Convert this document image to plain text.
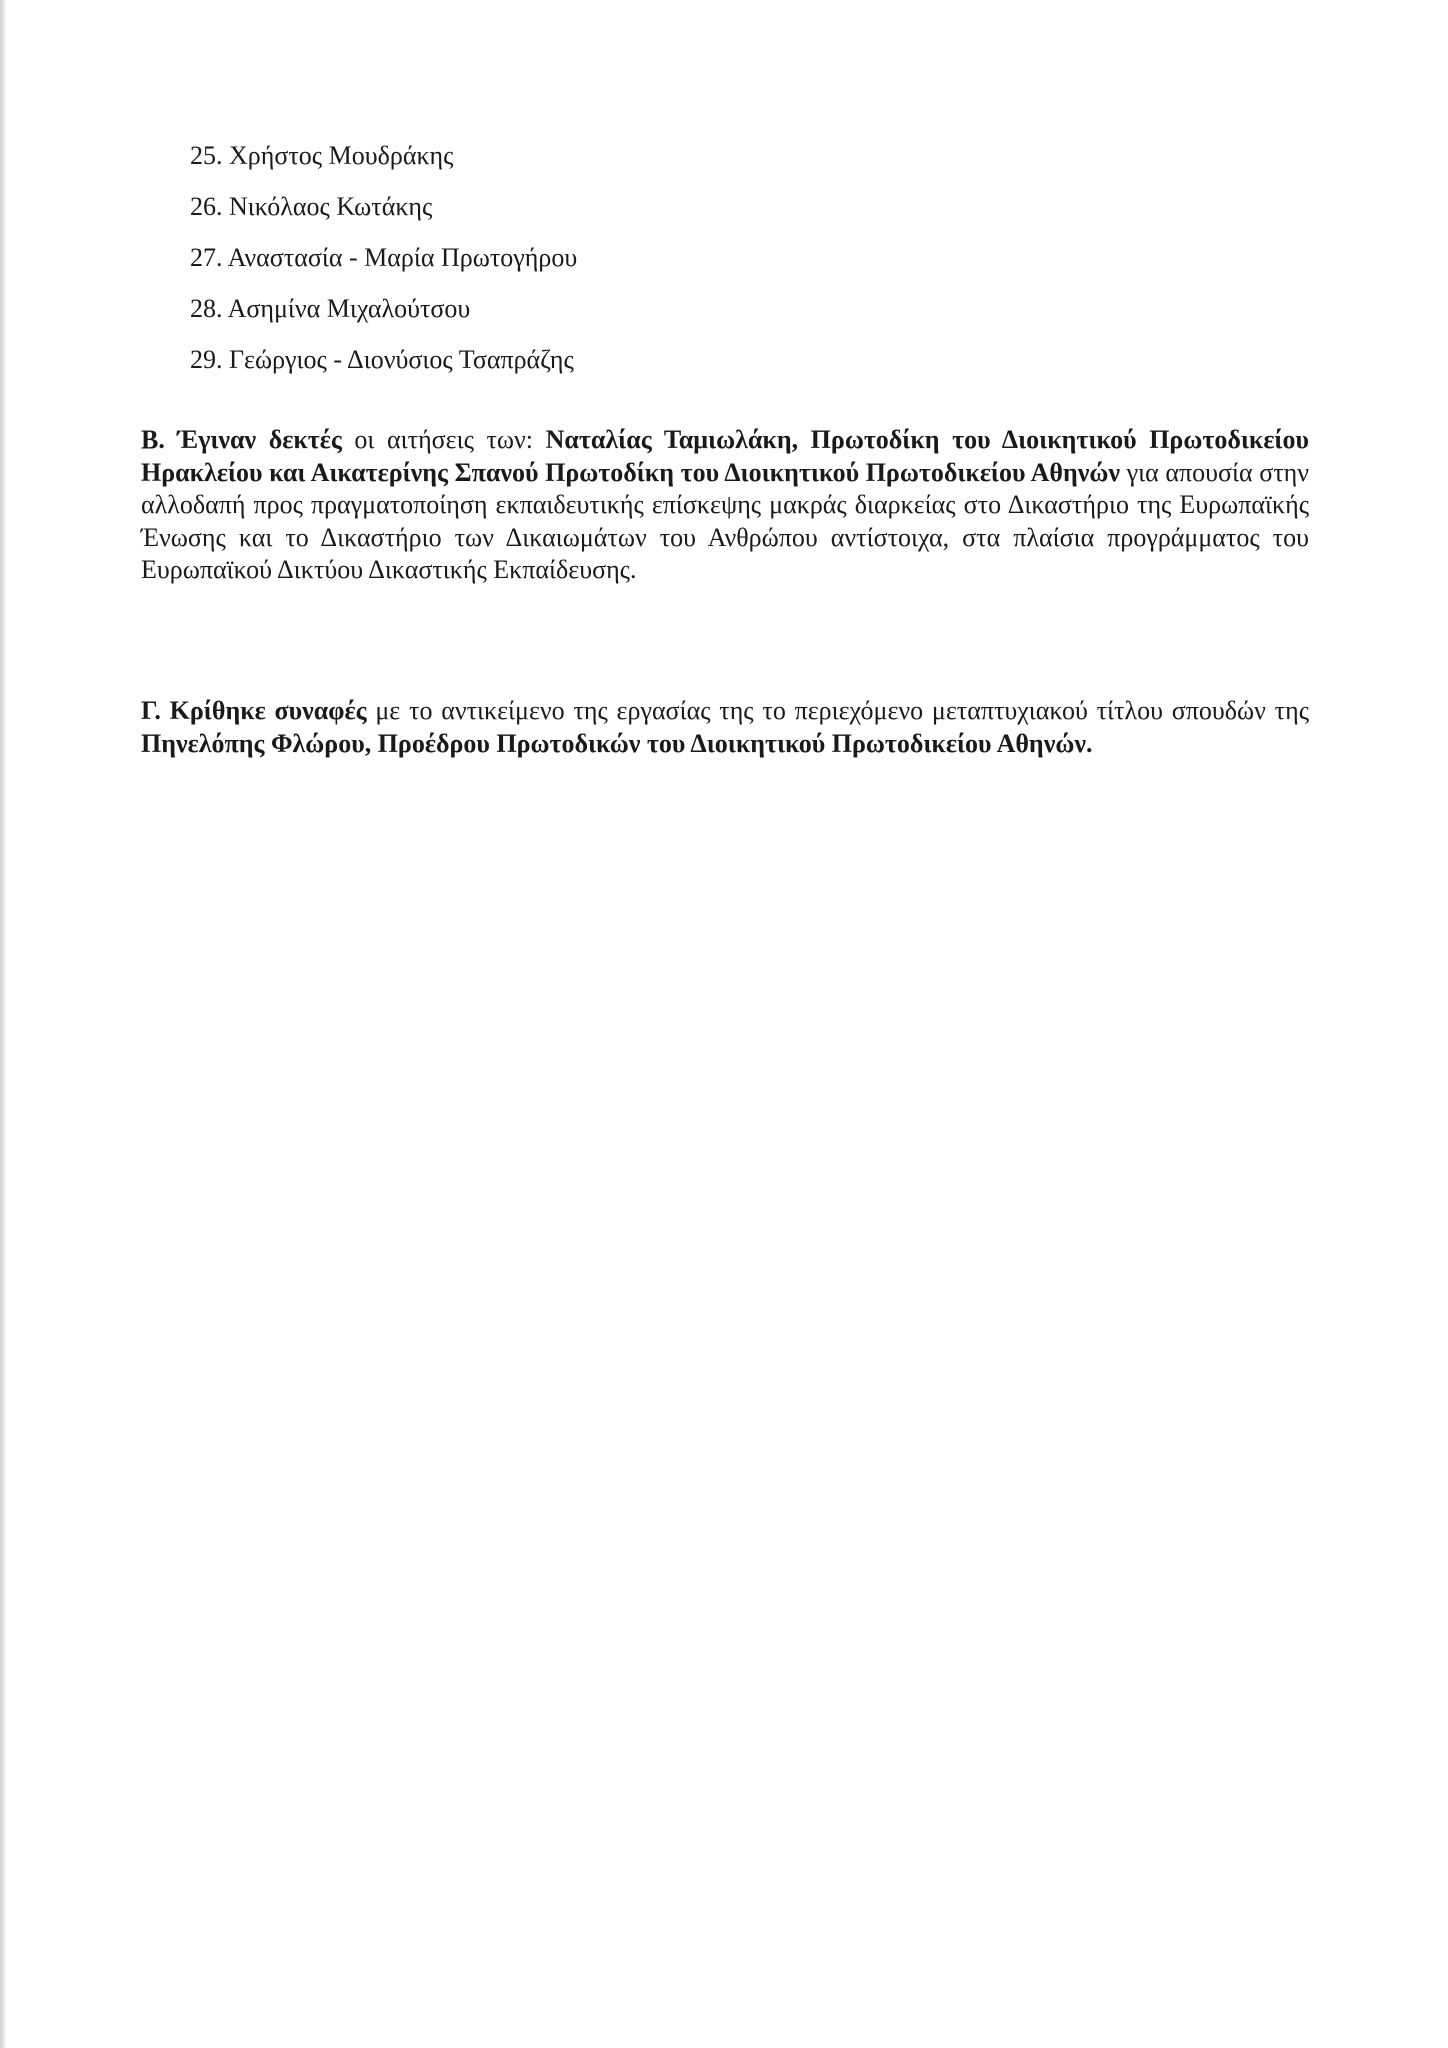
25. Χρήστος Μουδράκης
26. Νικόλαος Κωτάκης
27. Αναστασία - Μαρία Πρωτογήρου
28. Ασημίνα Μιχαλούτσου
29. Γεώργιος - Διονύσιος Τσαπράζης

Β. Έγιναν δεκτές οι αιτήσεις των: Ναταλίας Ταμιωλάκη, Πρωτοδίκη του Διοικητικού Πρωτοδικείου Ηρακλείου και Αικατερίνης Σπανού Πρωτοδίκη του Διοικητικού Πρωτοδικείου Αθηνών για απουσία στην αλλοδαπή προς πραγματοποίηση εκπαιδευτικής επίσκεψης μακράς διαρκείας στο Δικαστήριο της Ευρωπαϊκής Ένωσης και το Δικαστήριο των Δικαιωμάτων του Ανθρώπου αντίστοιχα, στα πλαίσια προγράμματος του Ευρωπαϊκού Δικτύου Δικαστικής Εκπαίδευσης.

Γ. Κρίθηκε συναφές με το αντικείμενο της εργασίας της το περιεχόμενο μεταπτυχιακού τίτλου σπουδών της Πηνελόπης Φλώρου, Προέδρου Πρωτοδικών του Διοικητικού Πρωτοδικείου Αθηνών.
